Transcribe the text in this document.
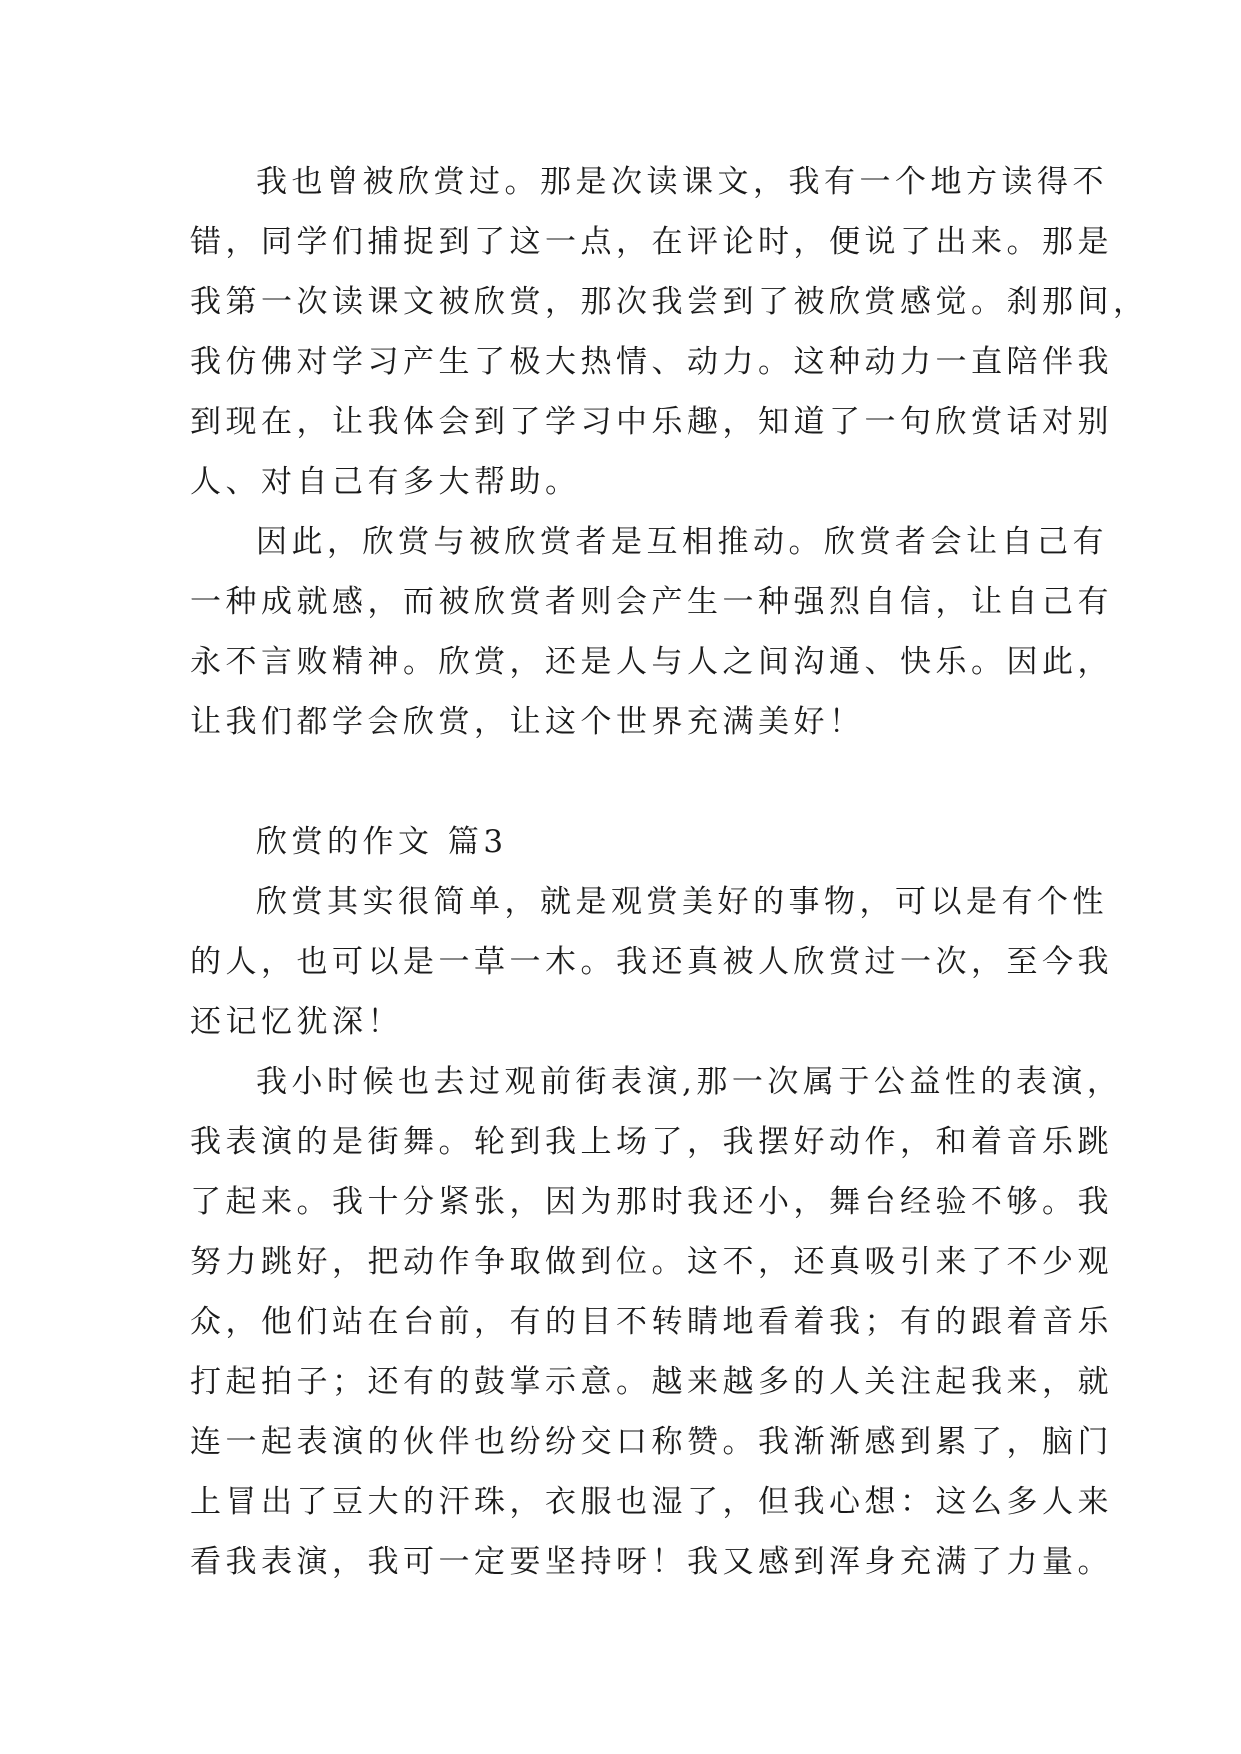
我也曾被欣赏过。那是次读课文，我有一个地方读得不
错，同学们捕捉到了这一点，在评论时，便说了出来。那是
我第一次读课文被欣赏，那次我尝到了被欣赏感觉。刹那间，
我仿佛对学习产生了极大热情、动力。这种动力一直陪伴我
到现在，让我体会到了学习中乐趣，知道了一句欣赏话对别
人、对自己有多大帮助。
因此，欣赏与被欣赏者是互相推动。欣赏者会让自己有
一种成就感，而被欣赏者则会产生一种强烈自信，让自己有
永不言败精神。欣赏，还是人与人之间沟通、快乐。因此，
让我们都学会欣赏，让这个世界充满美好！
欣赏的作文 篇3
欣赏其实很简单，就是观赏美好的事物，可以是有个性
的人，也可以是一草一木。我还真被人欣赏过一次，至今我
还记忆犹深！
我小时候也去过观前街表演,那一次属于公益性的表演，
我表演的是街舞。轮到我上场了，我摆好动作，和着音乐跳
了起来。我十分紧张，因为那时我还小，舞台经验不够。我
努力跳好，把动作争取做到位。这不，还真吸引来了不少观
众，他们站在台前，有的目不转睛地看着我；有的跟着音乐
打起拍子；还有的鼓掌示意。越来越多的人关注起我来，就
连一起表演的伙伴也纷纷交口称赞。我渐渐感到累了，脑门
上冒出了豆大的汗珠，衣服也湿了，但我心想：这么多人来
看我表演，我可一定要坚持呀！我又感到浑身充满了力量。
